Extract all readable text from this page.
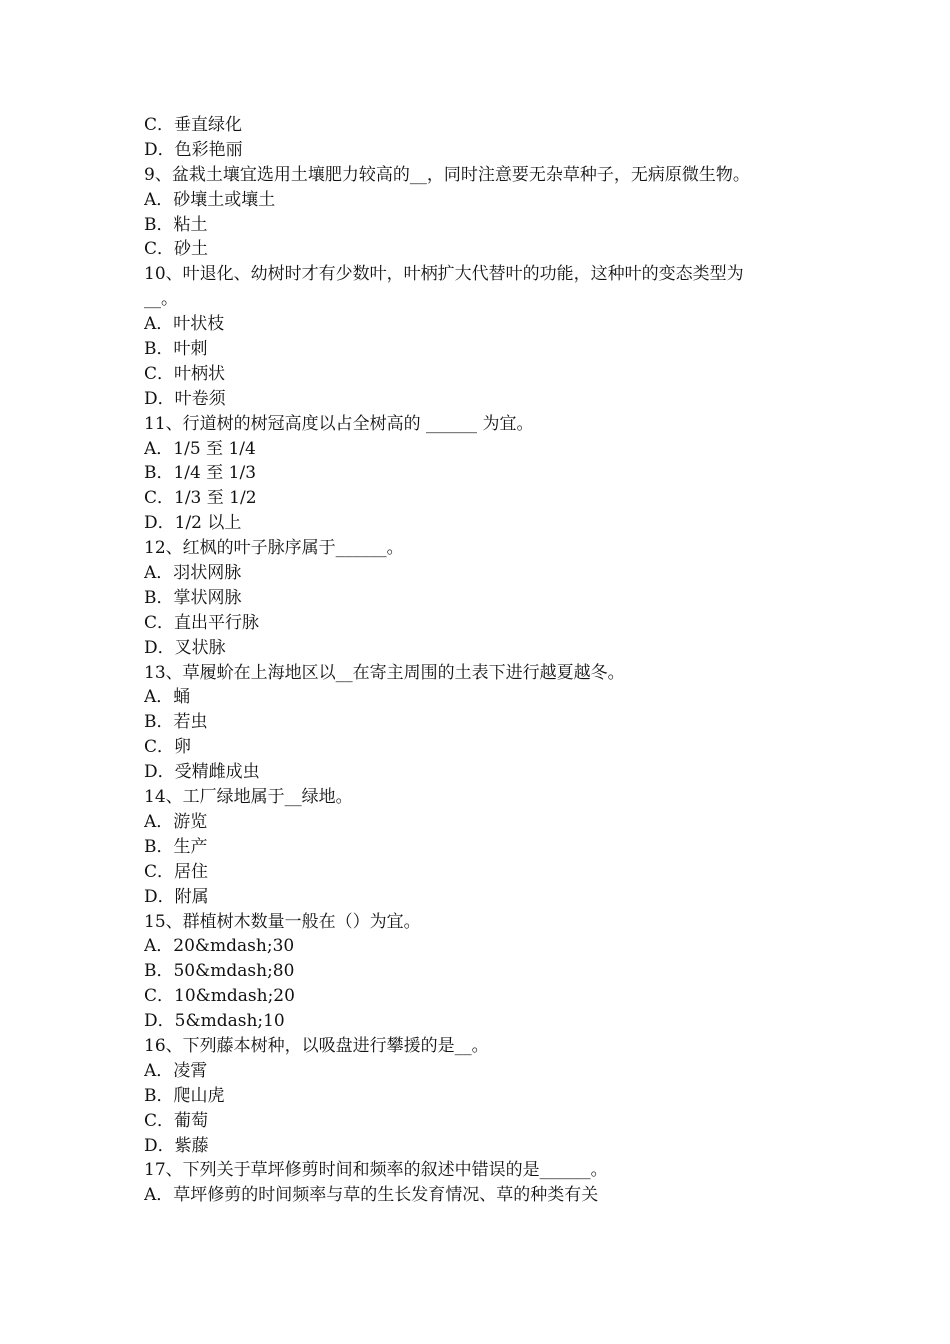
C．垂直绿化
D．色彩艳丽
9、盆栽土壤宜选用土壤肥力较高的__，同时注意要无杂草种子，无病原微生物。
A．砂壤土或壤土
B．粘土
C．砂土
10、叶退化、幼树时才有少数叶，叶柄扩大代替叶的功能，这种叶的变态类型为
__。
A．叶状枝
B．叶刺
C．叶柄状
D．叶卷须
11、行道树的树冠高度以占全树高的 ______ 为宜。
A．1/5 至 1/4
B．1/4 至 1/3
C．1/3 至 1/2
D．1/2 以上
12、红枫的叶子脉序属于______。
A．羽状网脉
B．掌状网脉
C．直出平行脉
D．叉状脉
13、草履蚧在上海地区以__在寄主周围的土表下进行越夏越冬。
A．蛹
B．若虫
C．卵
D．受精雌成虫
14、工厂绿地属于__绿地。
A．游览
B．生产
C．居住
D．附属
15、群植树木数量一般在（）为宜。
A．20&mdash;30
B．50&mdash;80
C．10&mdash;20
D．5&mdash;10
16、下列藤本树种，以吸盘进行攀援的是__。
A．凌霄
B．爬山虎
C．葡萄
D．紫藤
17、下列关于草坪修剪时间和频率的叙述中错误的是______。
A．草坪修剪的时间频率与草的生长发育情况、草的种类有关
